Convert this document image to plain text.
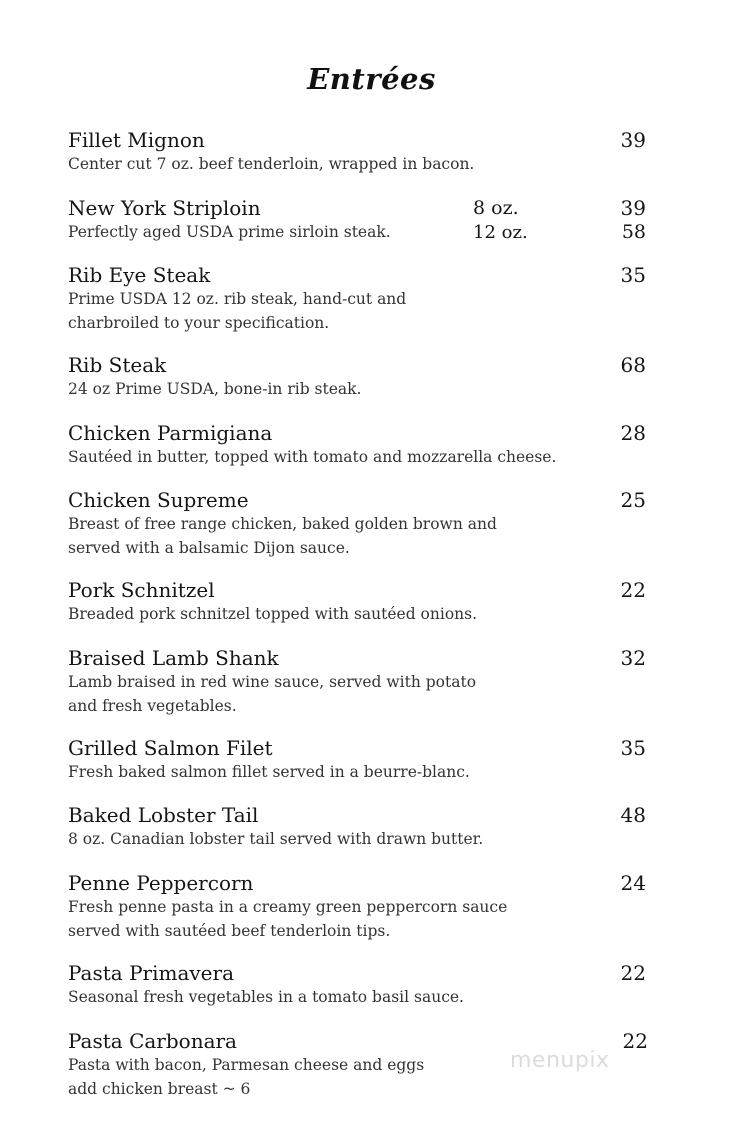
Entrées
Fillet Mignon
Center cut 7 oz. beef tenderloin, wrapped in bacon.
39
New York Striploin
Perfectly aged USDA prime sirloin steak.
8 oz.
12 oz.
39
58
Rib Eye Steak
Prime USDA 12 oz. rib steak, hand-cut and
charbroiled to your specification.
35
Rib Steak
24 oz Prime USDA, bone-in rib steak.
68
Chicken Parmigiana
Sautéed in butter, topped with tomato and mozzarella cheese.
28
Chicken Supreme
Breast of free range chicken, baked golden brown and
served with a balsamic Dijon sauce.
25
Pork Schnitzel
Breaded pork schnitzel topped with sautéed onions.
22
Braised Lamb Shank
Lamb braised in red wine sauce, served with potato
and fresh vegetables.
32
Grilled Salmon Filet
Fresh baked salmon fillet served in a beurre-blanc.
35
Baked Lobster Tail
8 oz. Canadian lobster tail served with drawn butter.
48
Penne Peppercorn
Fresh penne pasta in a creamy green peppercorn sauce
served with sautéed beef tenderloin tips.
24
Pasta Primavera
Seasonal fresh vegetables in a tomato basil sauce.
22
Pasta Carbonara
Pasta with bacon, Parmesan cheese and eggs
add chicken breast ~ 6
22
menupix
